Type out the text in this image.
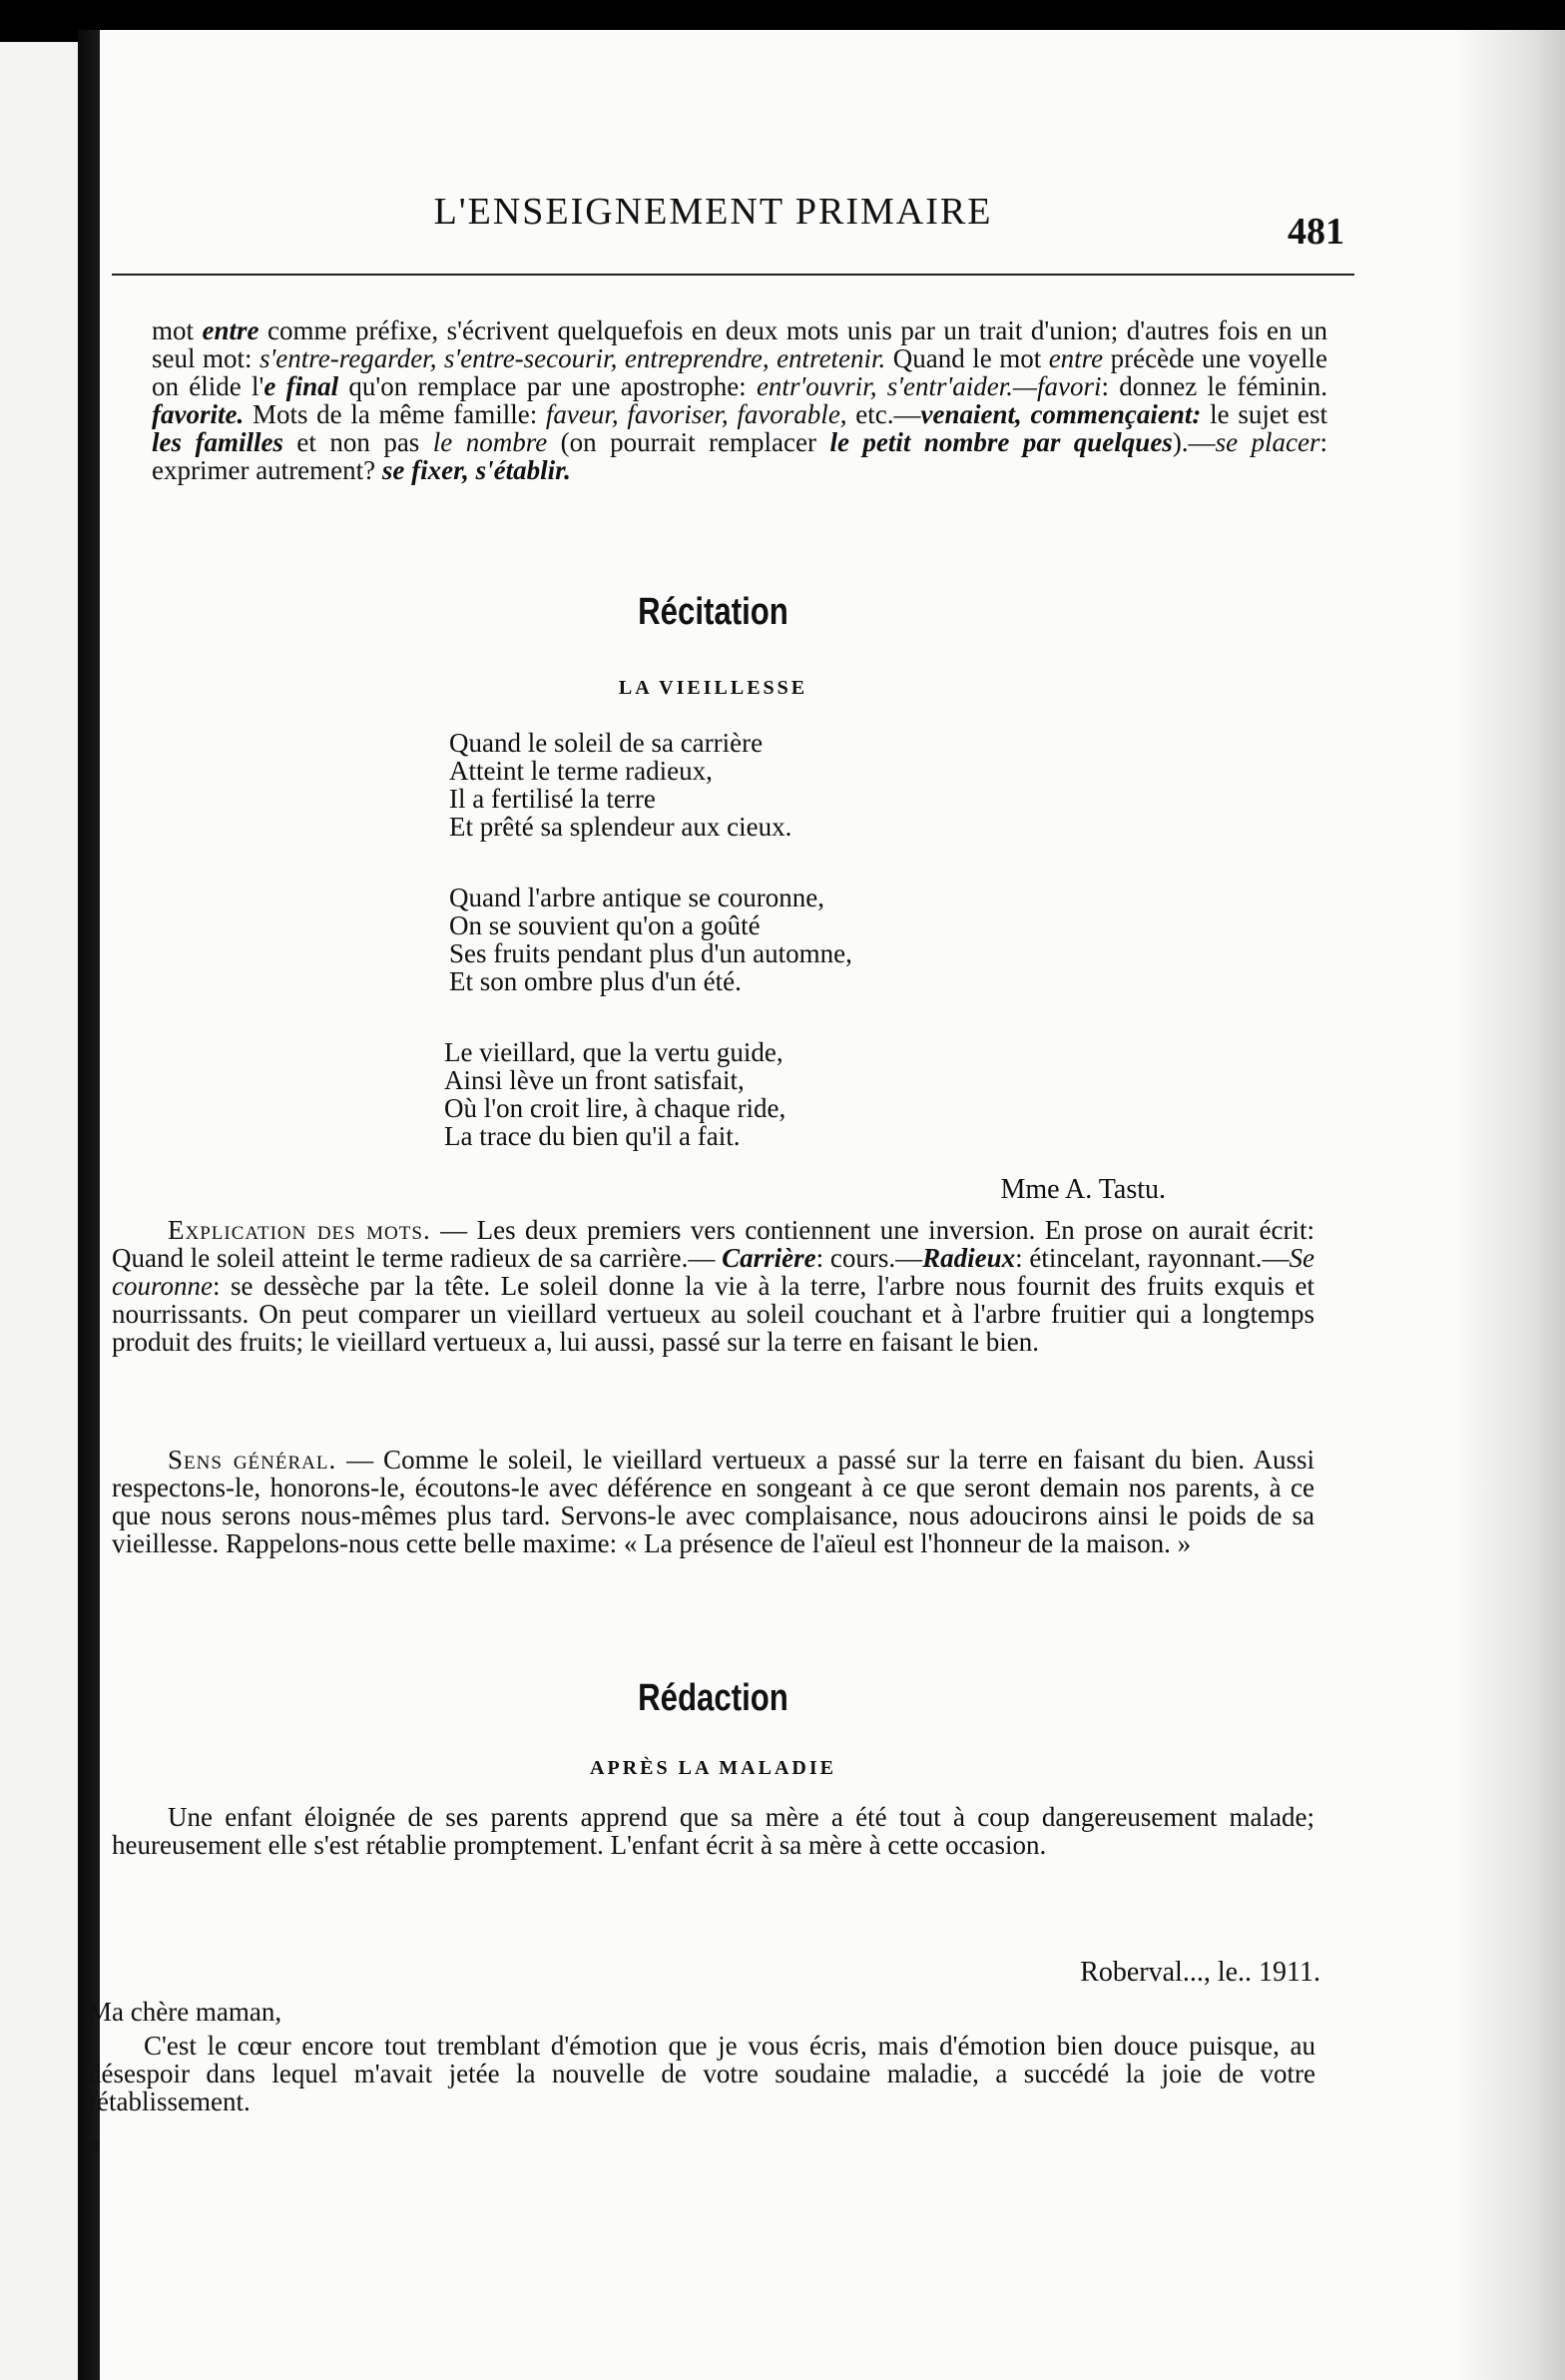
L'ENSEIGNEMENT PRIMAIRE	481

mot entre comme préfixe, s'écrivent quelquefois en deux mots unis par un trait d'union; d'autres fois en un seul mot: s'entre-regarder, s'entre-secourir, entreprendre, entretenir. Quand le mot entre précède une voyelle on élide l'e final qu'on remplace par une apostrophe: entr'ouvrir, s'entr'aider.—favori: donnez le féminin. favorite. Mots de la même famille: faveur, favoriser, favorable, etc.—venaient, commençaient: le sujet est les familles et non pas le nombre (on pourrait remplacer le petit nombre par quelques).—se placer: exprimer autrement? se fixer, s'établir.

Récitation
LA VIEILLESSE
Quand le soleil de sa carrière
Atteint le terme radieux,
Il a fertilisé la terre
Et prêté sa splendeur aux cieux.
Quand l'arbre antique se couronne,
On se souvient qu'on a goûté
Ses fruits pendant plus d'un automne,
Et son ombre plus d'un été.
Le vieillard, que la vertu guide,
Ainsi lève un front satisfait,
Où l'on croit lire, à chaque ride,
La trace du bien qu'il a fait.
Mme A. Tastu.

Explication des mots. — Les deux premiers vers contiennent une inversion. En prose on aurait écrit: Quand le soleil atteint le terme radieux de sa carrière.— Carrière: cours.—Radieux: étincelant, rayonnant.—Se couronne: se dessèche par la tête. Le soleil donne la vie à la terre, l'arbre nous fournit des fruits exquis et nourrissants. On peut comparer un vieillard vertueux au soleil couchant et à l'arbre fruitier qui a longtemps produit des fruits; le vieillard vertueux a, lui aussi, passé sur la terre en faisant le bien.

Sens général. — Comme le soleil, le vieillard vertueux a passé sur la terre en faisant du bien. Aussi respectons-le, honorons-le, écoutons-le avec déférence en songeant à ce que seront demain nos parents, à ce que nous serons nous-mêmes plus tard. Servons-le avec complaisance, nous adoucirons ainsi le poids de sa vieillesse. Rappelons-nous cette belle maxime: « La présence de l'aïeul est l'honneur de la maison. »

Rédaction
APRÈS LA MALADIE

Une enfant éloignée de ses parents apprend que sa mère a été tout à coup dangereusement malade; heureusement elle s'est rétablie promptement. L'enfant écrit à sa mère à cette occasion.

Roberval..., le.. 1911.
Ma chère maman,

C'est le cœur encore tout tremblant d'émotion que je vous écris, mais d'émotion bien douce puisque, au désespoir dans lequel m'avait jetée la nouvelle de votre soudaine maladie, a succédé la joie de votre rétablissement.

8
